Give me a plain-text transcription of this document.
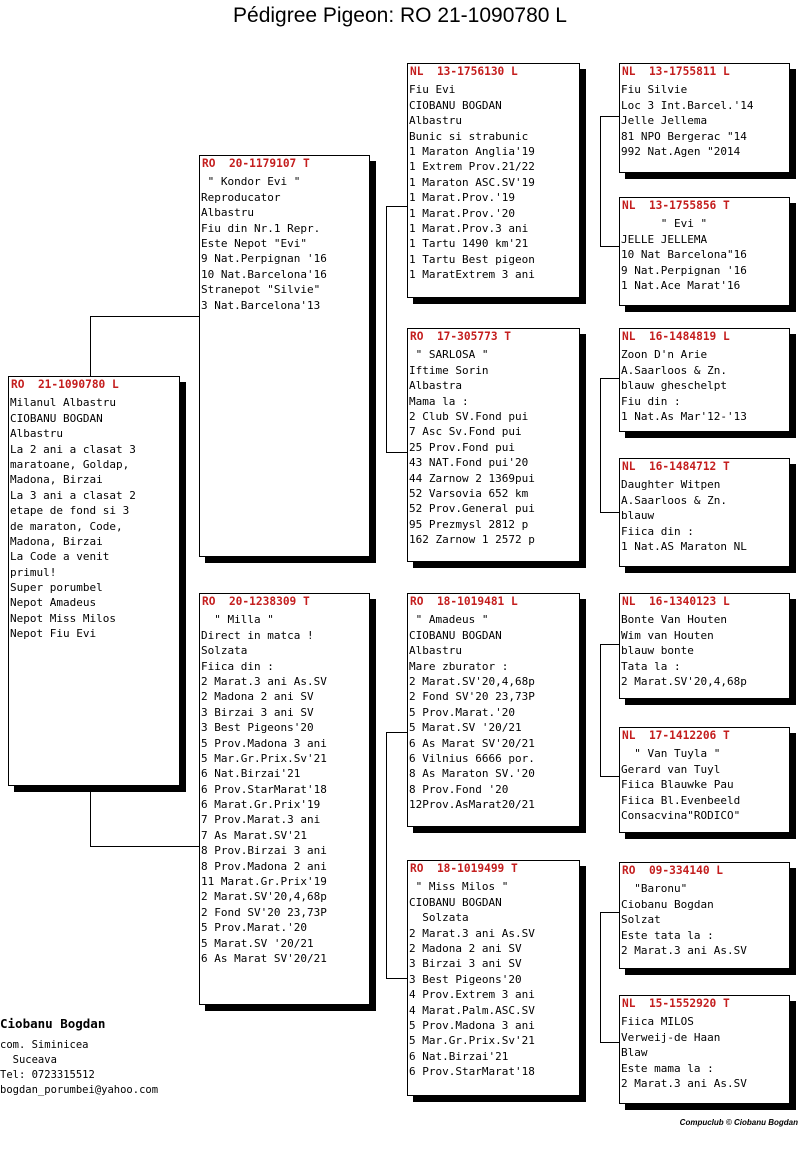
Pédigree Pigeon: RO 21-1090780 L
RO  21-1090780 L
Milanul Albastru
CIOBANU BOGDAN
Albastru
La 2 ani a clasat 3
maratoane, Goldap,
Madona, Birzai
La 3 ani a clasat 2
etape de fond si 3
de maraton, Code,
Madona, Birzai
La Code a venit
primul!
Super porumbel
Nepot Amadeus
Nepot Miss Milos
Nepot Fiu Evi
RO  20-1179107 T
" Kondor Evi "
Reproducator
Albastru
Fiu din Nr.1 Repr.
Este Nepot "Evi"
9 Nat.Perpignan '16
10 Nat.Barcelona'16
Stranepot "Silvie"
3 Nat.Barcelona'13
RO  20-1238309 T
" Milla "
Direct in matca !
Solzata
Fiica din :
2 Marat.3 ani As.SV
2 Madona 2 ani SV
3 Birzai 3 ani SV
3 Best Pigeons'20
5 Prov.Madona 3 ani
5 Mar.Gr.Prix.Sv'21
6 Nat.Birzai'21
6 Prov.StarMarat'18
6 Marat.Gr.Prix'19
7 Prov.Marat.3 ani
7 As Marat.SV'21
8 Prov.Birzai 3 ani
8 Prov.Madona 2 ani
11 Marat.Gr.Prix'19
2 Marat.SV'20,4,68p
2 Fond SV'20 23,73P
5 Prov.Marat.'20
5 Marat.SV '20/21
6 As Marat SV'20/21
NL  13-1756130 L
Fiu Evi
CIOBANU BOGDAN
Albastru
Bunic si strabunic
1 Maraton Anglia'19
1 Extrem Prov.21/22
1 Maraton ASC.SV'19
1 Marat.Prov.'19
1 Marat.Prov.'20
1 Marat.Prov.3 ani
1 Tartu 1490 km'21
1 Tartu Best pigeon
1 MaratExtrem 3 ani
RO  17-305773 T
" SARLOSA "
Iftime Sorin
Albastra
Mama la :
2 Club SV.Fond pui
7 Asc Sv.Fond pui
25 Prov.Fond pui
43 NAT.Fond pui'20
44 Zarnow 2 1369pui
52 Varsovia 652 km
52 Prov.General pui
95 Prezmysl 2812 p
162 Zarnow 1 2572 p
RO  18-1019481 L
" Amadeus "
CIOBANU BOGDAN
Albastru
Mare zburator :
2 Marat.SV'20,4,68p
2 Fond SV'20 23,73P
5 Prov.Marat.'20
5 Marat.SV '20/21
6 As Marat SV'20/21
6 Vilnius 6666 por.
8 As Maraton SV.'20
8 Prov.Fond '20
12Prov.AsMarat20/21
RO  18-1019499 T
" Miss Milos "
CIOBANU BOGDAN
Solzata
2 Marat.3 ani As.SV
2 Madona 2 ani SV
3 Birzai 3 ani SV
3 Best Pigeons'20
4 Prov.Extrem 3 ani
4 Marat.Palm.ASC.SV
5 Prov.Madona 3 ani
5 Mar.Gr.Prix.Sv'21
6 Nat.Birzai'21
6 Prov.StarMarat'18
NL  13-1755811 L
Fiu Silvie
Loc 3 Int.Barcel.'14
Jelle Jellema
81 NPO Bergerac "14
992 Nat.Agen "2014
NL  13-1755856 T
" Evi "
JELLE JELLEMA
10 Nat Barcelona"16
9 Nat.Perpignan '16
1 Nat.Ace Marat'16
NL  16-1484819 L
Zoon D'n Arie
A.Saarloos & Zn.
blauw gheschelpt
Fiu din :
1 Nat.As Mar'12-'13
NL  16-1484712 T
Daughter Witpen
A.Saarloos & Zn.
blauw
Fiica din :
1 Nat.AS Maraton NL
NL  16-1340123 L
Bonte Van Houten
Wim van Houten
blauw bonte
Tata la :
2 Marat.SV'20,4,68p
NL  17-1412206 T
" Van Tuyla "
Gerard van Tuyl
Fiica Blauwke Pau
Fiica Bl.Evenbeeld
Consacvina"RODICO"
RO  09-334140 L
"Baronu"
Ciobanu Bogdan
Solzat
Este tata la :
2 Marat.3 ani As.SV
NL  15-1552920 T
Fiica MILOS
Verweij-de Haan
Blaw
Este mama la :
2 Marat.3 ani As.SV
Ciobanu Bogdan
com. Siminicea
Suceava
Tel: 0723315512
bogdan_porumbei@yahoo.com
Compuclub © Ciobanu Bogdan
